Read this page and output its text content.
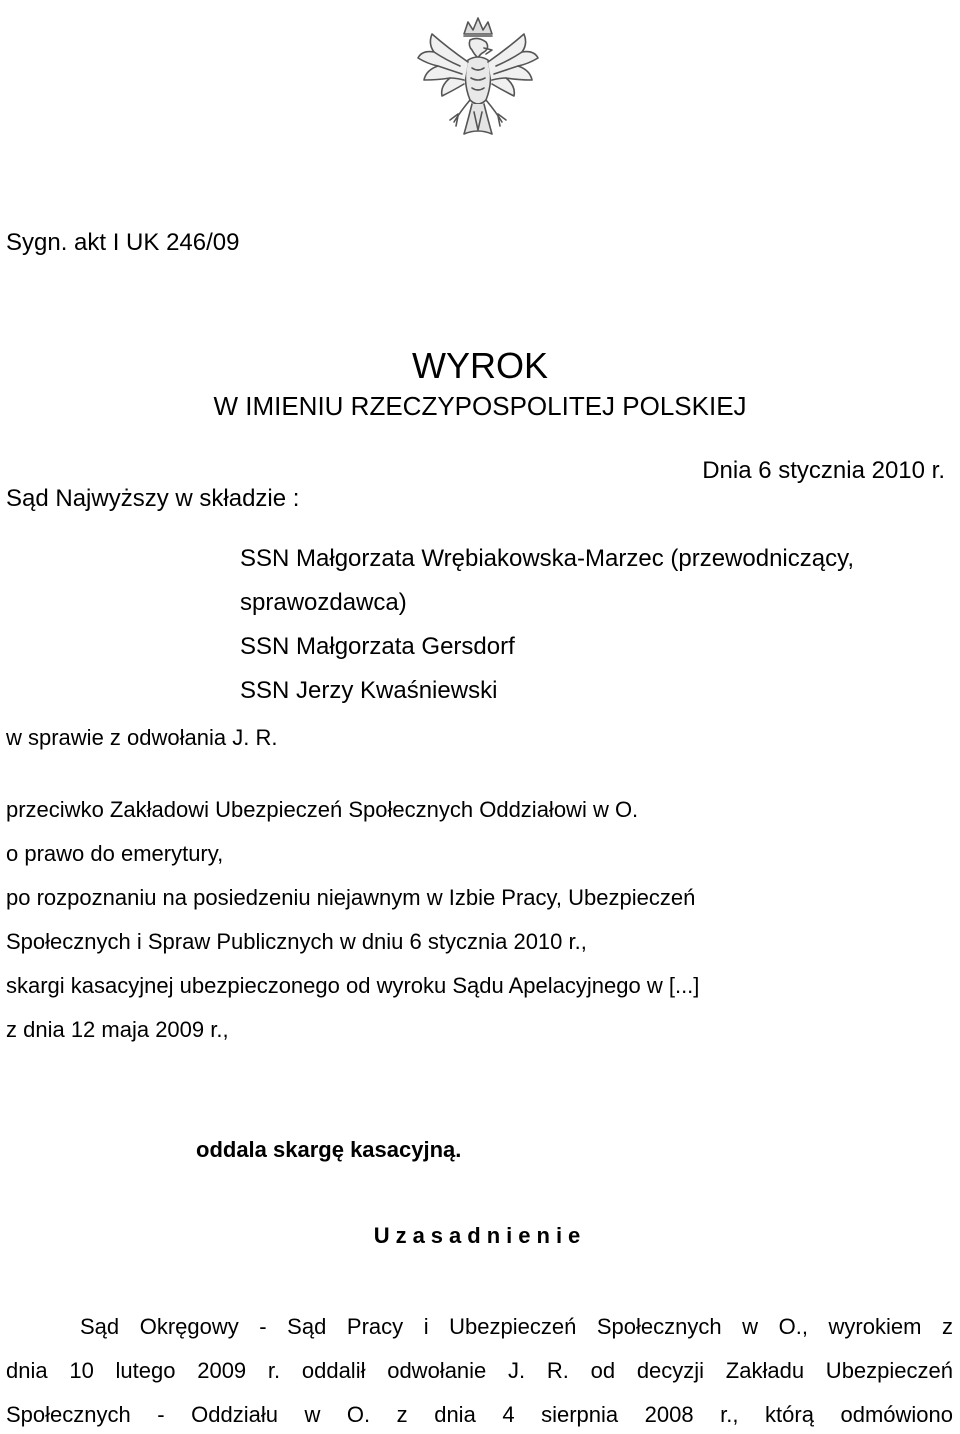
Sygn. akt I UK 246/09
WYROK
W IMIENIU RZECZYPOSPOLITEJ POLSKIEJ
Dnia 6 stycznia 2010 r.
Sąd Najwyższy w składzie :
SSN Małgorzata Wrębiakowska-Marzec (przewodniczący,
sprawozdawca)
SSN Małgorzata Gersdorf
SSN Jerzy Kwaśniewski
w sprawie z odwołania J. R.
przeciwko Zakładowi Ubezpieczeń Społecznych Oddziałowi w O.
o prawo do emerytury,
po rozpoznaniu na posiedzeniu niejawnym w Izbie Pracy, Ubezpieczeń
Społecznych i Spraw Publicznych w dniu 6 stycznia 2010 r.,
skargi kasacyjnej ubezpieczonego od wyroku Sądu Apelacyjnego w [...]
z dnia 12 maja 2009 r.,
oddala skargę kasacyjną.
Uzasadnienie
Sąd Okręgowy - Sąd Pracy i Ubezpieczeń Społecznych w O., wyrokiem z
dnia 10 lutego 2009 r. oddalił odwołanie J. R. od decyzji Zakładu Ubezpieczeń
Społecznych - Oddziału w O. z dnia 4 sierpnia 2008 r., którą odmówiono
